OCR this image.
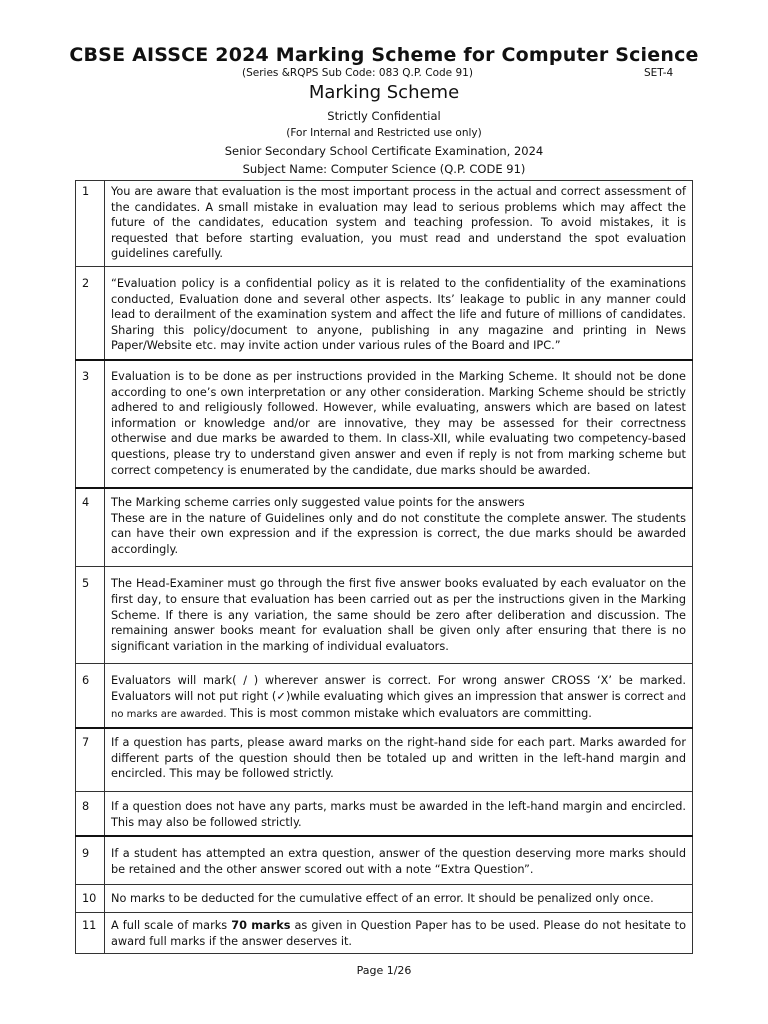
CBSE AISSCE 2024 Marking Scheme for Computer Science
(Series &RQPS Sub Code: 083 Q.P. Code 91)	SET-4
Marking Scheme
Strictly Confidential
(For Internal and Restricted use only)
Senior Secondary School Certificate Examination, 2024
Subject Name: Computer Science (Q.P. CODE 91)
1	You are aware that evaluation is the most important process in the actual and correct assessment of the candidates. A small mistake in evaluation may lead to serious problems which may affect the future of the candidates, education system and teaching profession. To avoid mistakes, it is requested that before starting evaluation, you must read and understand the spot evaluation guidelines carefully.
2	“Evaluation policy is a confidential policy as it is related to the confidentiality of the examinations conducted, Evaluation done and several other aspects. Its’ leakage to public in any manner could lead to derailment of the examination system and affect the life and future of millions of candidates. Sharing this policy/document to anyone, publishing in any magazine and printing in News Paper/Website etc. may invite action under various rules of the Board and IPC.”
3	Evaluation is to be done as per instructions provided in the Marking Scheme. It should not be done according to one’s own interpretation or any other consideration. Marking Scheme should be strictly adhered to and religiously followed. However, while evaluating, answers which are based on latest information or knowledge and/or are innovative, they may be assessed for their correctness otherwise and due marks be awarded to them. In class-XII, while evaluating two competency-based questions, please try to understand given answer and even if reply is not from marking scheme but correct competency is enumerated by the candidate, due marks should be awarded.
4	The Marking scheme carries only suggested value points for the answers
These are in the nature of Guidelines only and do not constitute the complete answer. The students can have their own expression and if the expression is correct, the due marks should be awarded accordingly.

5	The Head-Examiner must go through the first five answer books evaluated by each evaluator on the first day, to ensure that evaluation has been carried out as per the instructions given in the Marking Scheme. If there is any variation, the same should be zero after deliberation and discussion. The remaining answer books meant for evaluation shall be given only after ensuring that there is no significant variation in the marking of individual evaluators.
6	Evaluators will mark( / ) wherever answer is correct. For wrong answer CROSS ‘X’ be marked. Evaluators will not put right (✓)while evaluating which gives an impression that answer is correct and no marks are awarded. This is most common mistake which evaluators are committing.
7	If a question has parts, please award marks on the right-hand side for each part. Marks awarded for different parts of the question should then be totaled up and written in the left-hand margin and encircled. This may be followed strictly.
8	If a question does not have any parts, marks must be awarded in the left-hand margin and encircled. This may also be followed strictly.
9	If a student has attempted an extra question, answer of the question deserving more marks should be retained and the other answer scored out with a note “Extra Question”.
10	No marks to be deducted for the cumulative effect of an error. It should be penalized only once.
11	A full scale of marks 70 marks as given in Question Paper has to be used. Please do not hesitate to award full marks if the answer deserves it.
Page 1/26
